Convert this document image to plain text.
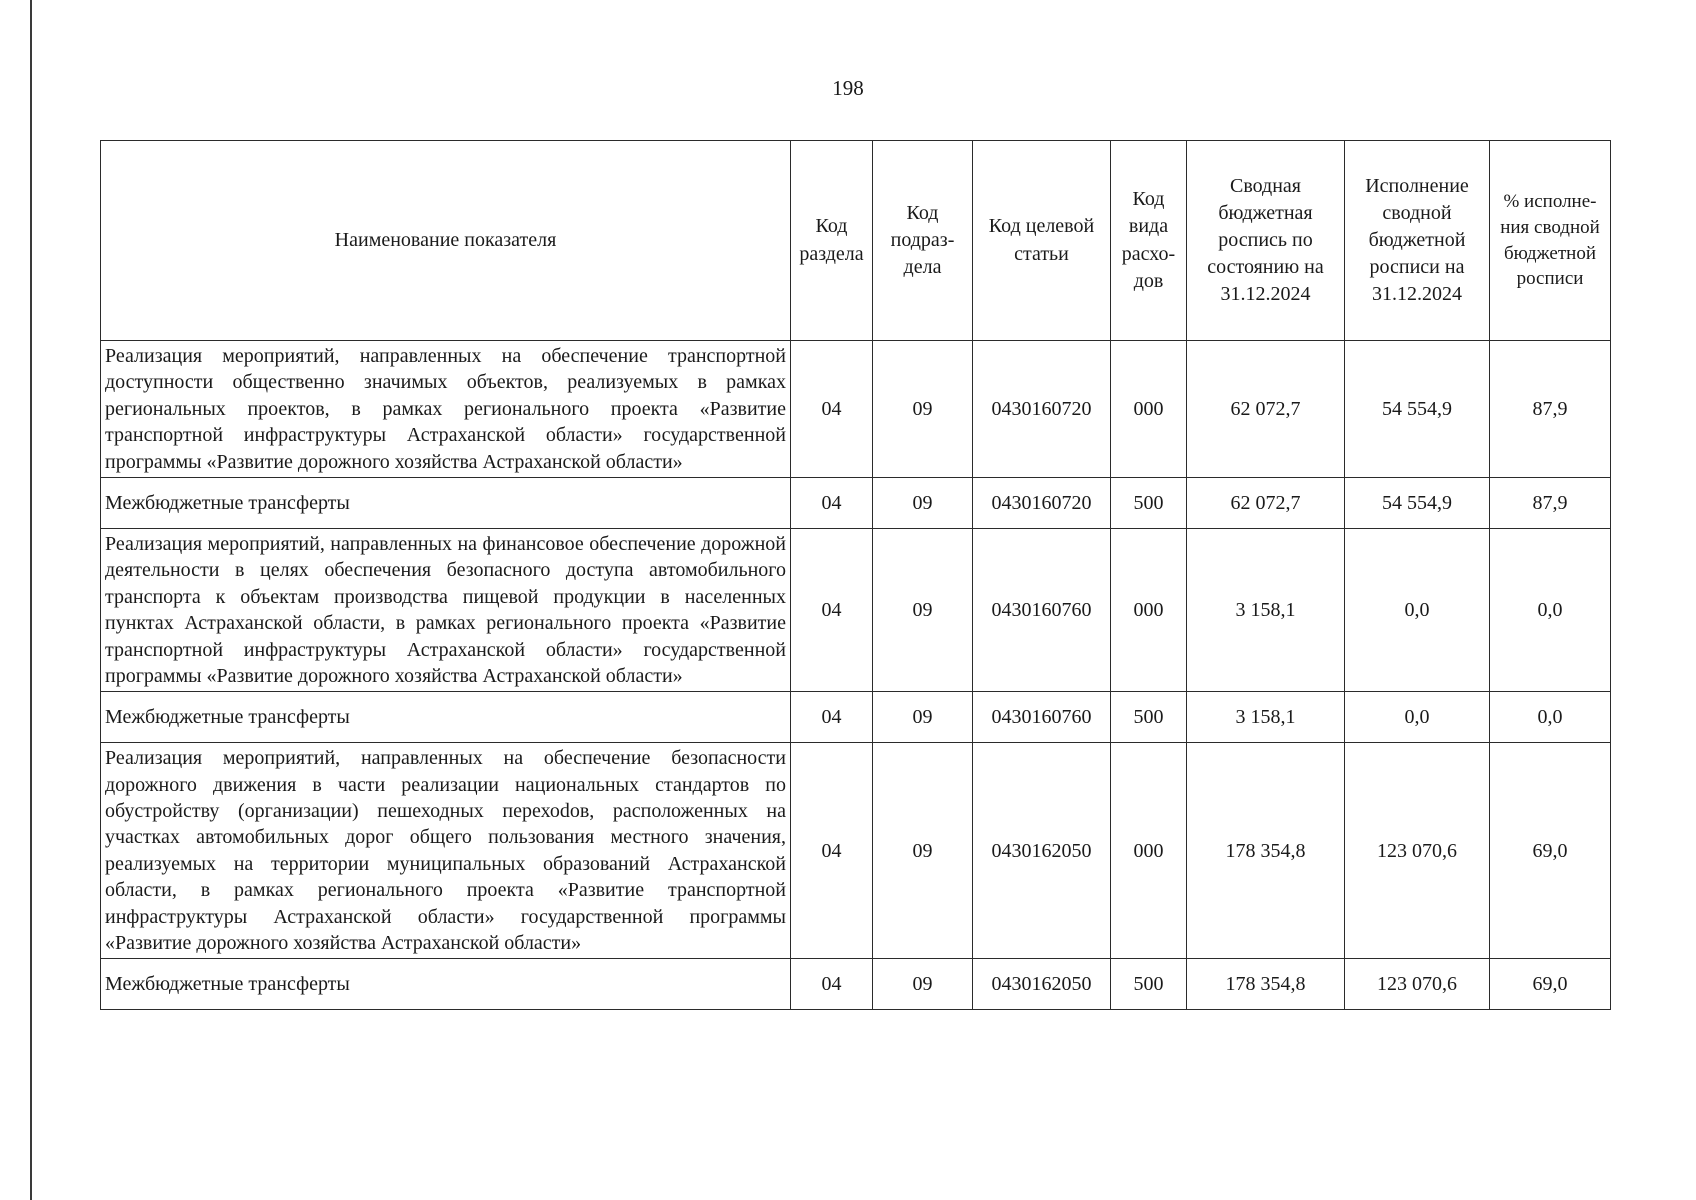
198
Наименование показателя	Код раздела	Код подраздела	Код целевой статьи	Код вида расходов	Сводная бюджетная роспись по состоянию на 31.12.2024	Исполнение сводной бюджетной росписи на 31.12.2024	% исполнения сводной бюджетной росписи
Реализация мероприятий, направленных на обеспечение транспортной доступности общественно значимых объектов, реализуемых в рамках региональных проектов, в рамках регионального проекта «Развитие транспортной инфраструктуры Астраханской области» государственной программы «Развитие дорожного хозяйства Астраханской области»	04	09	0430160720	000	62 072,7	54 554,9	87,9
Межбюджетные трансферты	04	09	0430160720	500	62 072,7	54 554,9	87,9
Реализация мероприятий, направленных на финансовое обеспечение дорожной деятельности в целях обеспечения безопасного доступа автомобильного транспорта к объектам производства пищевой продукции в населенных пунктах Астраханской области, в рамках регионального проекта «Развитие транспортной инфраструктуры Астраханской области» государственной программы «Развитие дорожного хозяйства Астраханской области»	04	09	0430160760	000	3 158,1	0,0	0,0
Межбюджетные трансферты	04	09	0430160760	500	3 158,1	0,0	0,0
Реализация мероприятий, направленных на обеспечение безопасности дорожного движения в части реализации национальных стандартов по обустройству (организации) пешеходных перехоdов, расположенных на участках автомобильных дорог общего пользования местного значения, реализуемых на территории муниципальных образований Астраханской области, в рамках регионального проекта «Развитие транспортной инфраструктуры Астраханской области» государственной программы «Развитие дорожного хозяйства Астраханской области»	04	09	0430162050	000	178 354,8	123 070,6	69,0
Межбюджетные трансферты	04	09	0430162050	500	178 354,8	123 070,6	69,0
